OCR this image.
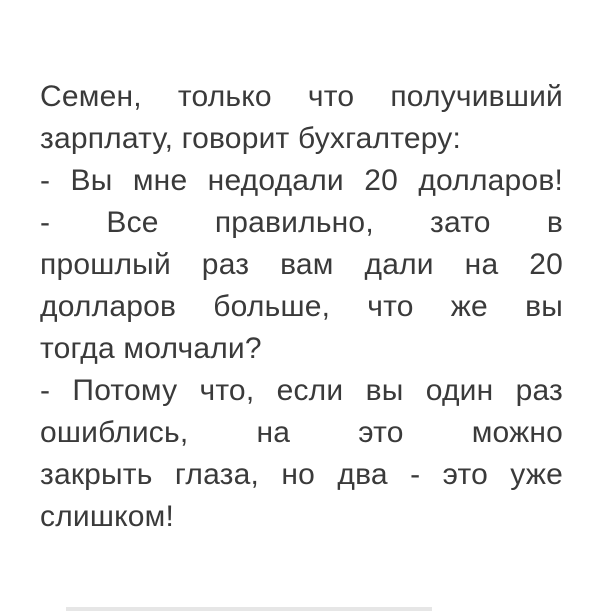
Семен, только что получивший
зарплату, говорит бухгалтеру:
- Вы мне недодали 20 долларов!
- Все правильно, зато в
прошлый раз вам дали на 20
долларов больше, что же вы
тогда молчали?
- Потому что, если вы один раз
ошиблись, на это можно
закрыть глаза, но два - это уже
слишком!
